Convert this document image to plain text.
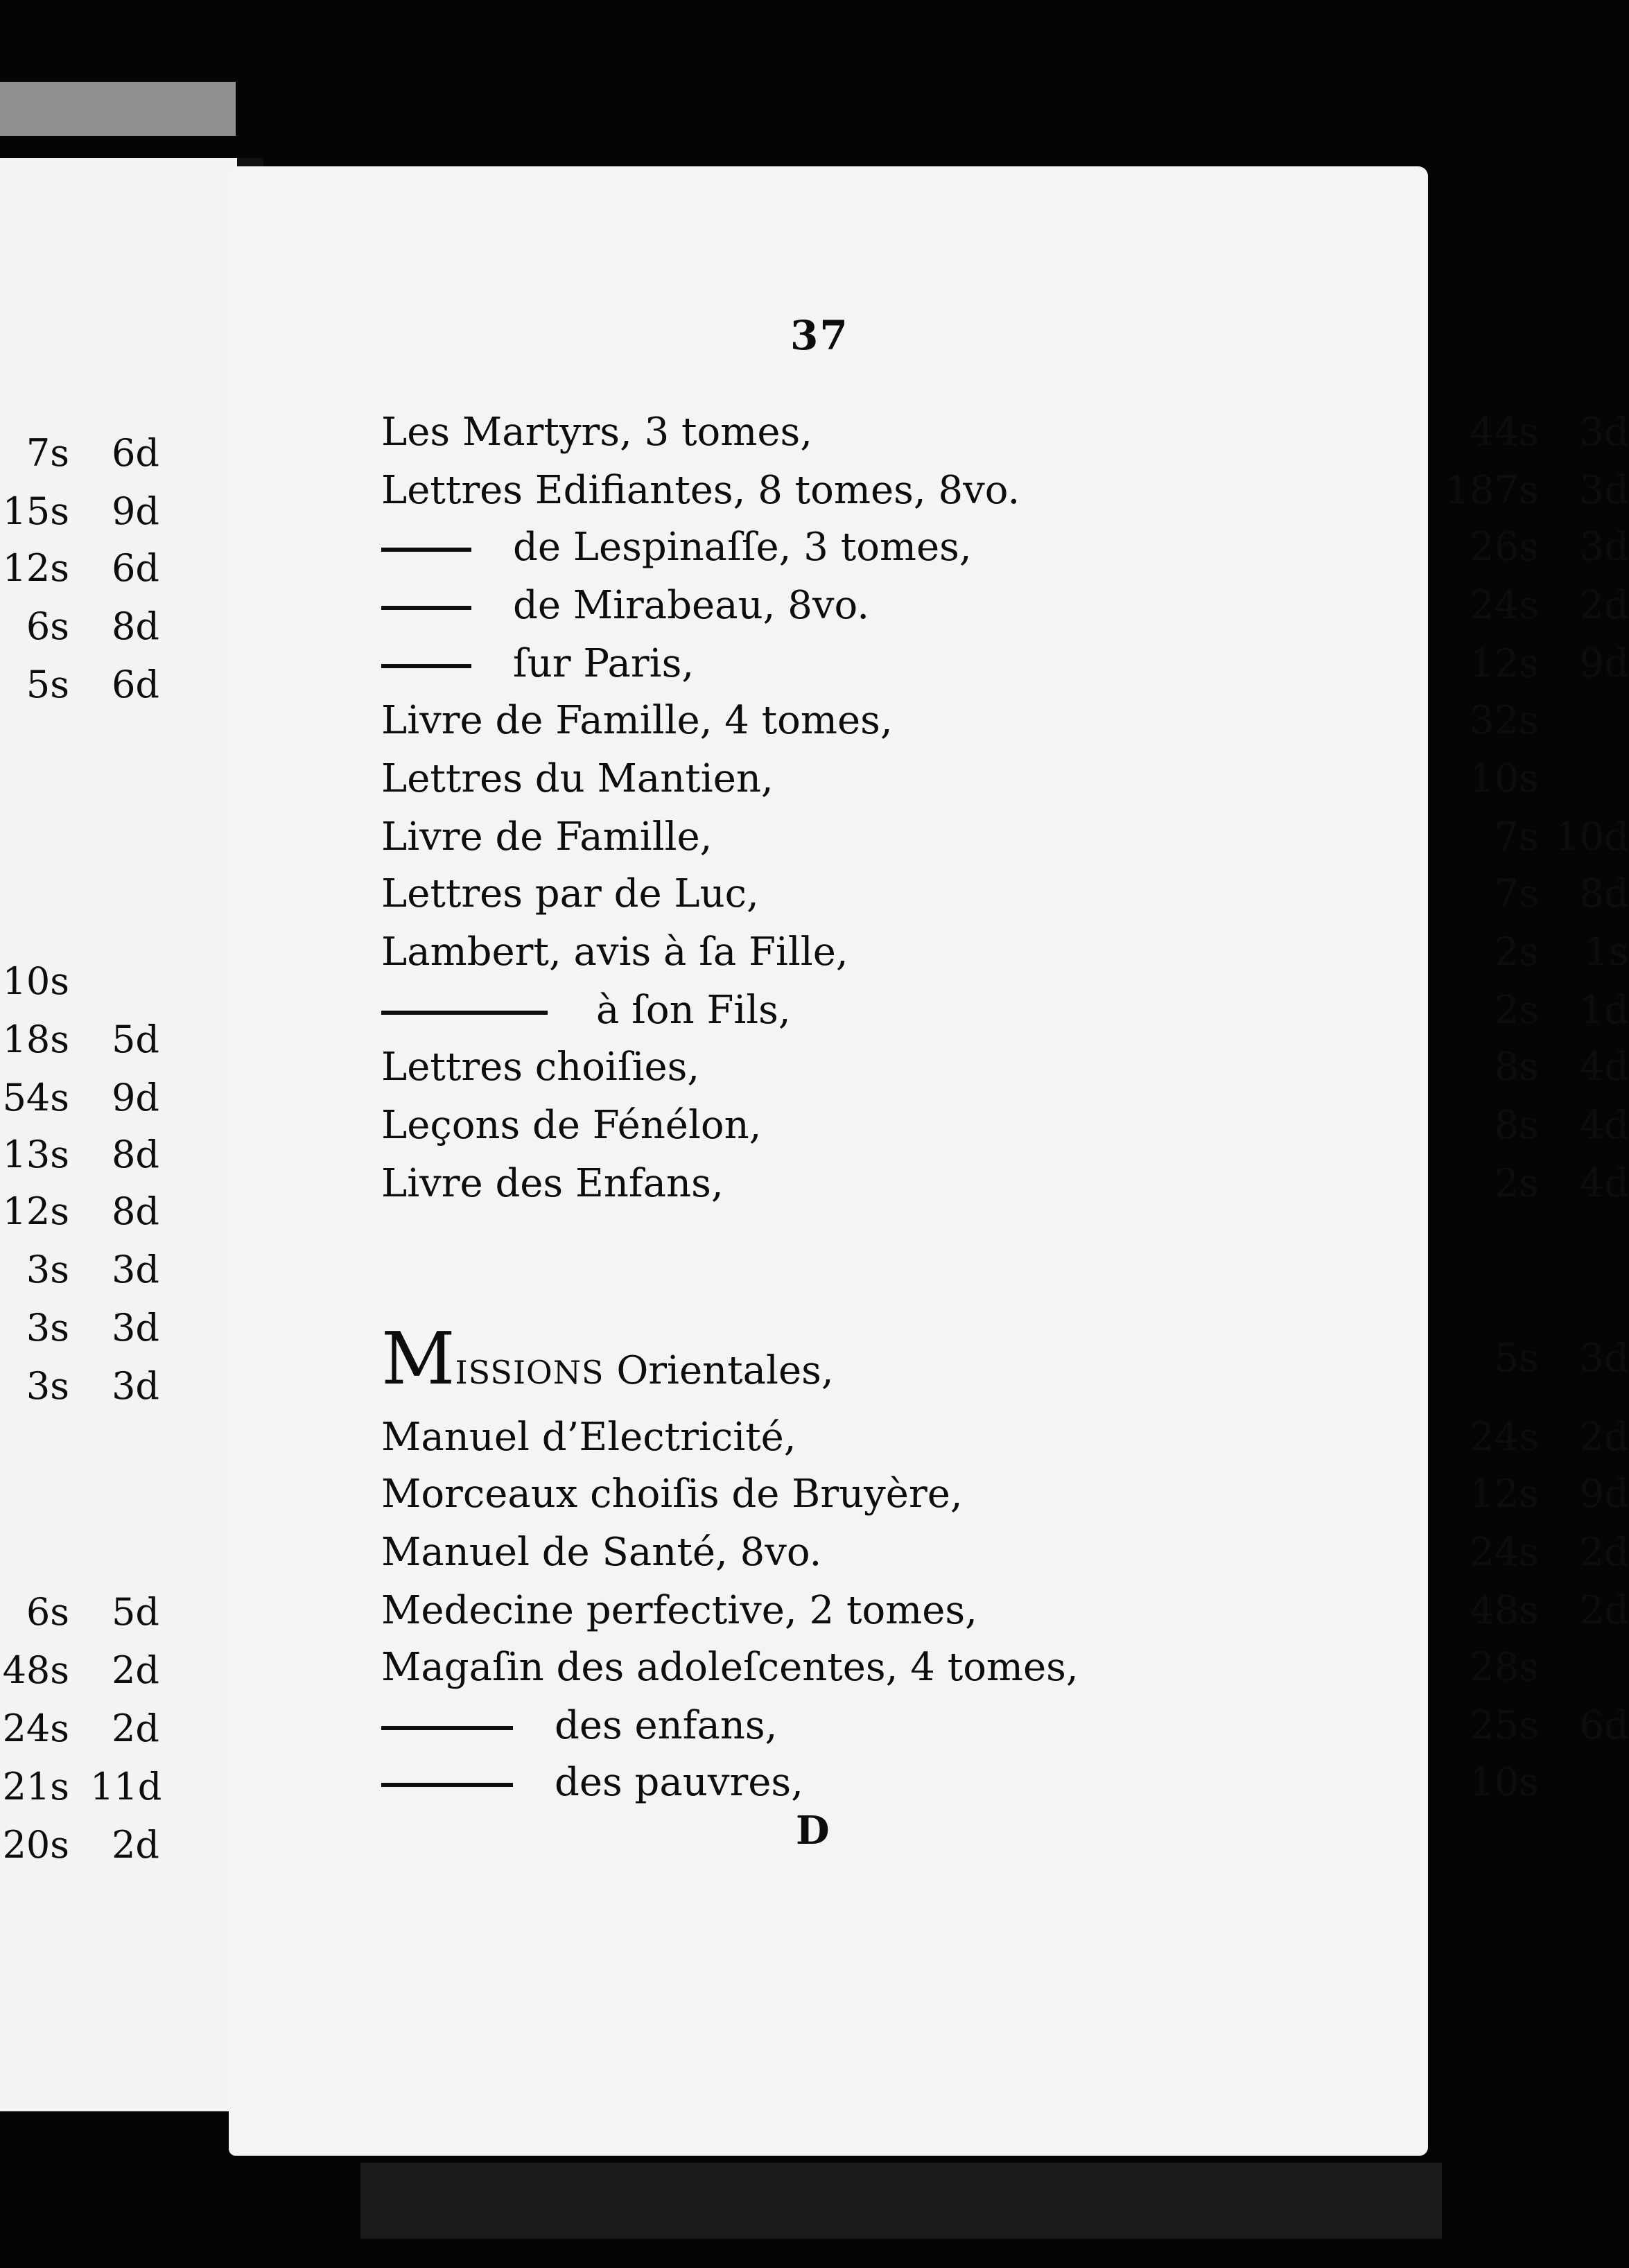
7s	6d
15s	9d
12s	6d
6s	8d
5s	6d
10s
18s	5d
54s	9d
13s	8d
12s	8d
3s	3d
3s	3d
3s	3d
6s	5d
48s	2d
24s	2d
21s 11d
20s	2d
37
Les Martyrs, 3 tomes,	44s	3d
Lettres Edifiantes, 8 tomes, 8vo.	187s	3d
de Lespinaſſe, 3 tomes,	26s	3d
de Mirabeau, 8vo.	24s	2d
ſur Paris,	12s	9d
Livre de Famille, 4 tomes,	32s
Lettres du Mantien,	10s
Livre de Famille,	7s 10d
Lettres par de Luc,	7s	8d
Lambert, avis à ſa Fille,	2s	1s
à ſon Fils,	2s	1d
Lettres choiſies,	8s	4d
Leçons de Fénélon,	8s	4d
Livre des Enfans,	2s	4d
MISSIONS Orientales,	5s	3d
Manuel d’Electricité,	24s	2d
Morceaux choiſis de Bruyère,	12s	9d
Manuel de Santé, 8vo.	24s	2d
Medecine perfective, 2 tomes,	48s	2d
Magaſin des adoleſcentes, 4 tomes,	28s
des enfans,	25s	6d
des pauvres,	10s
D
